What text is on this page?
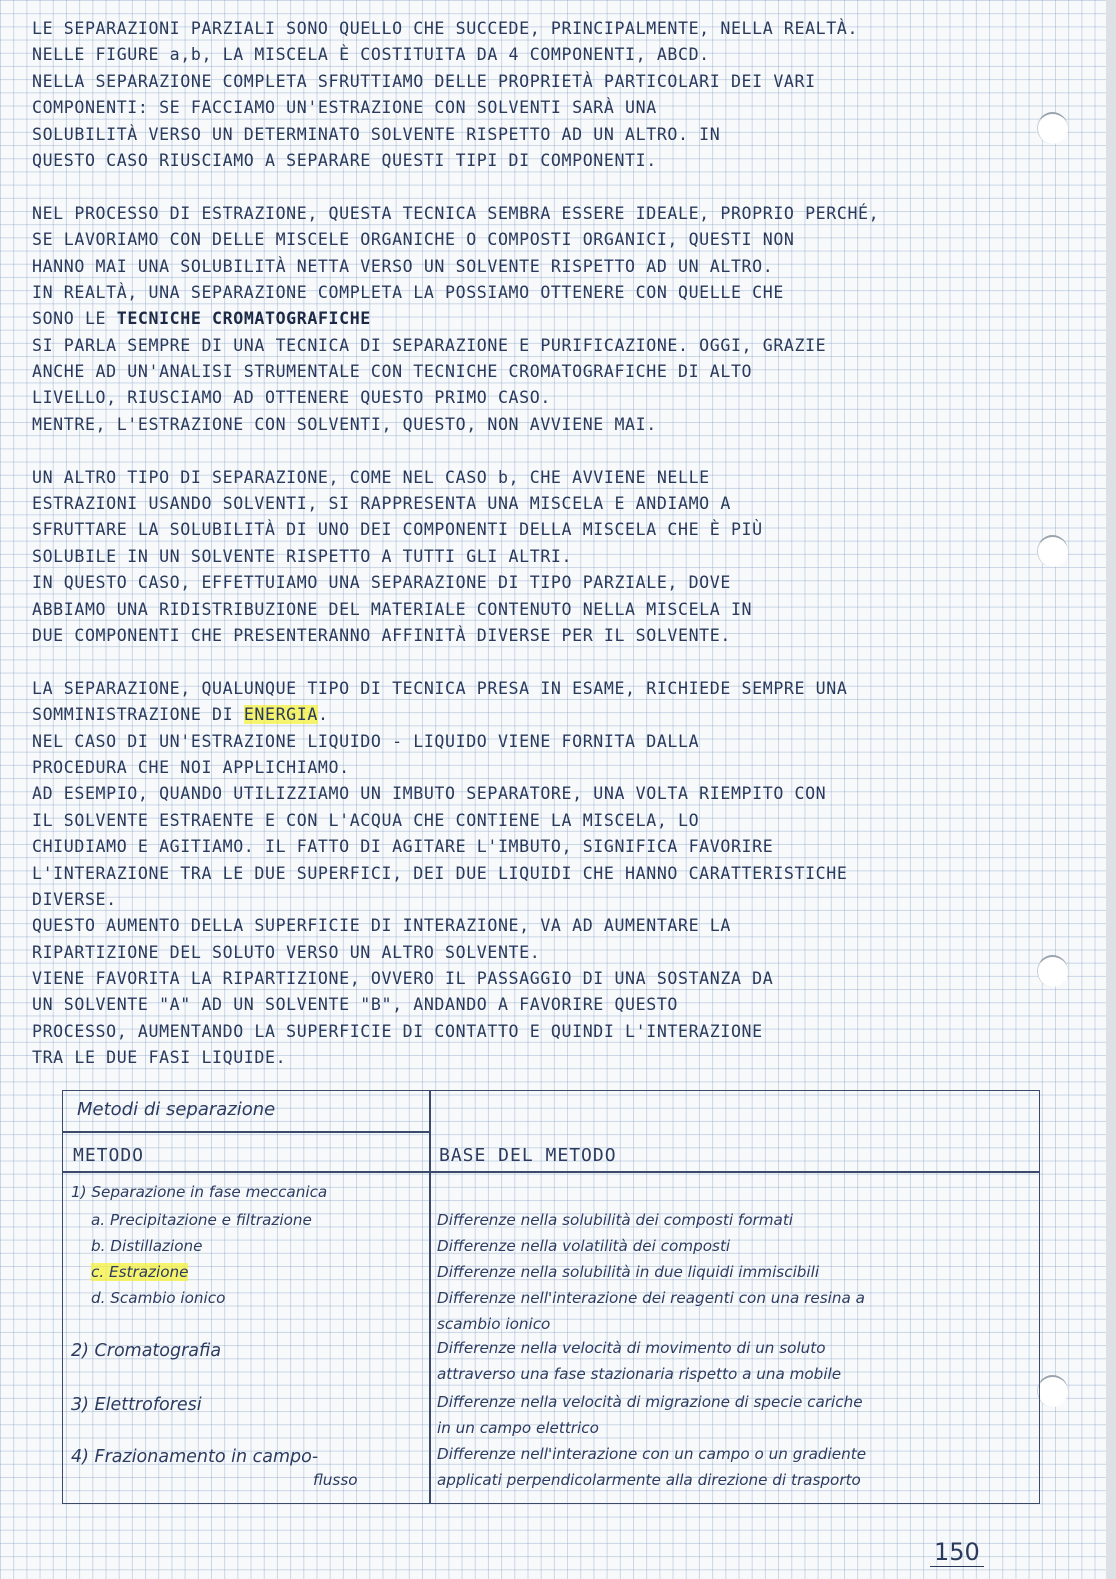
LE SEPARAZIONI PARZIALI SONO QUELLO CHE SUCCEDE, PRINCIPALMENTE, NELLA REALTÀ.
NELLE FIGURE a,b, LA MISCELA È COSTITUITA DA 4 COMPONENTI, ABCD.
NELLA SEPARAZIONE COMPLETA SFRUTTIAMO DELLE PROPRIETÀ PARTICOLARI DEI VARI
COMPONENTI: SE FACCIAMO UN'ESTRAZIONE CON SOLVENTI SARÀ UNA
SOLUBILITÀ VERSO UN DETERMINATO SOLVENTE RISPETTO AD UN ALTRO. IN
QUESTO CASO RIUSCIAMO A SEPARARE QUESTI TIPI DI COMPONENTI.
NEL PROCESSO DI ESTRAZIONE, QUESTA TECNICA SEMBRA ESSERE IDEALE, PROPRIO PERCHÉ,
SE LAVORIAMO CON DELLE MISCELE ORGANICHE O COMPOSTI ORGANICI, QUESTI NON
HANNO MAI UNA SOLUBILITÀ NETTA VERSO UN SOLVENTE RISPETTO AD UN ALTRO.
IN REALTÀ, UNA SEPARAZIONE COMPLETA LA POSSIAMO OTTENERE CON QUELLE CHE
SONO LE TECNICHE CROMATOGRAFICHE
SI PARLA SEMPRE DI UNA TECNICA DI SEPARAZIONE E PURIFICAZIONE. OGGI, GRAZIE
ANCHE AD UN'ANALISI STRUMENTALE CON TECNICHE CROMATOGRAFICHE DI ALTO
LIVELLO, RIUSCIAMO AD OTTENERE QUESTO PRIMO CASO.
MENTRE, L'ESTRAZIONE CON SOLVENTI, QUESTO, NON AVVIENE MAI.
UN ALTRO TIPO DI SEPARAZIONE, COME NEL CASO b, CHE AVVIENE NELLE
ESTRAZIONI USANDO SOLVENTI, SI RAPPRESENTA UNA MISCELA E ANDIAMO A
SFRUTTARE LA SOLUBILITÀ DI UNO DEI COMPONENTI DELLA MISCELA CHE È PIÙ
SOLUBILE IN UN SOLVENTE RISPETTO A TUTTI GLI ALTRI.
IN QUESTO CASO, EFFETTUIAMO UNA SEPARAZIONE DI TIPO PARZIALE, DOVE
ABBIAMO UNA RIDISTRIBUZIONE DEL MATERIALE CONTENUTO NELLA MISCELA IN
DUE COMPONENTI CHE PRESENTERANNO AFFINITÀ DIVERSE PER IL SOLVENTE.
LA SEPARAZIONE, QUALUNQUE TIPO DI TECNICA PRESA IN ESAME, RICHIEDE SEMPRE UNA
SOMMINISTRAZIONE DI ENERGIA.
NEL CASO DI UN'ESTRAZIONE LIQUIDO - LIQUIDO VIENE FORNITA DALLA
PROCEDURA CHE NOI APPLICHIAMO.
AD ESEMPIO, QUANDO UTILIZZIAMO UN IMBUTO SEPARATORE, UNA VOLTA RIEMPITO CON
IL SOLVENTE ESTRAENTE E CON L'ACQUA CHE CONTIENE LA MISCELA, LO
CHIUDIAMO E AGITIAMO. IL FATTO DI AGITARE L'IMBUTO, SIGNIFICA FAVORIRE
L'INTERAZIONE TRA LE DUE SUPERFICI, DEI DUE LIQUIDI CHE HANNO CARATTERISTICHE
DIVERSE.
QUESTO AUMENTO DELLA SUPERFICIE DI INTERAZIONE, VA AD AUMENTARE LA
RIPARTIZIONE DEL SOLUTO VERSO UN ALTRO SOLVENTE.
VIENE FAVORITA LA RIPARTIZIONE, OVVERO IL PASSAGGIO DI UNA SOSTANZA DA
UN SOLVENTE "A" AD UN SOLVENTE "B", ANDANDO A FAVORIRE QUESTO
PROCESSO, AUMENTANDO LA SUPERFICIE DI CONTATTO E QUINDI L'INTERAZIONE
TRA LE DUE FASI LIQUIDE.
Metodi di separazione
METODO	BASE DEL METODO
1) Separazione in fase meccanica
a. Precipitazione e filtrazione	Differenze nella solubilità dei composti formati
b. Distillazione	Differenze nella volatilità dei composti
c. Estrazione	Differenze nella solubilità in due liquidi immiscibili
d. Scambio ionico	Differenze nell'interazione dei reagenti con una resina a
scambio ionico
2) Cromatografia	Differenze nella velocità di movimento di un soluto
attraverso una fase stazionaria rispetto a una mobile
3) Elettroforesi	Differenze nella velocità di migrazione di specie cariche
in un campo elettrico
4) Frazionamento in campo-	Differenze nell'interazione con un campo o un gradiente
flusso	applicati perpendicolarmente alla direzione di trasporto
150
